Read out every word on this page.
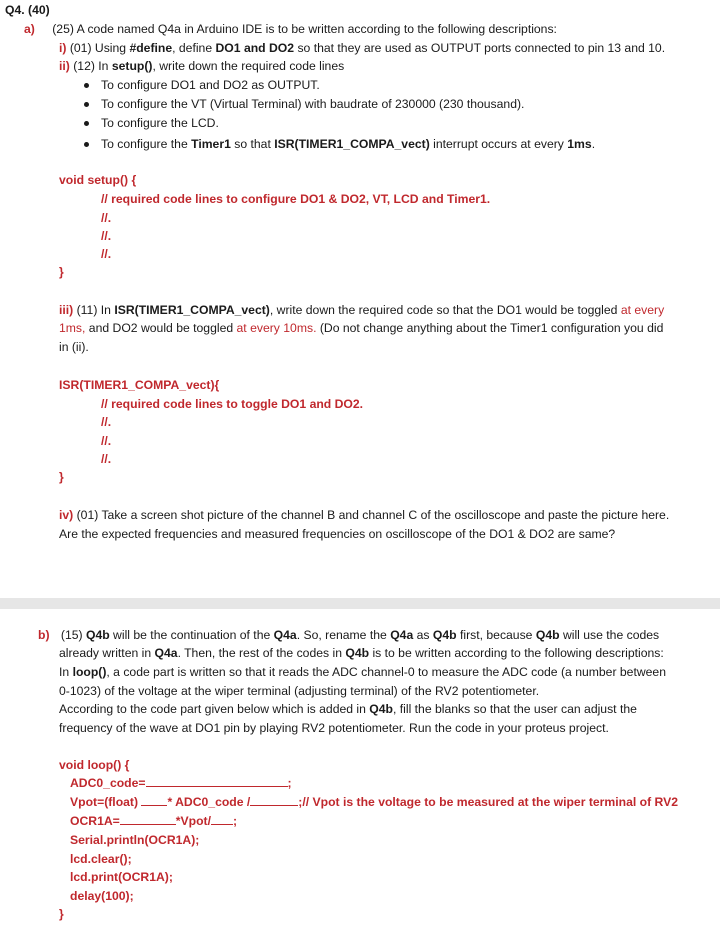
Q4. (40)
a) (25) A code named Q4a in Arduino IDE is to be written according to the following descriptions:
i) (01) Using #define, define DO1 and DO2 so that they are used as OUTPUT ports connected to pin 13 and 10.
ii) (12) In setup(), write down the required code lines
To configure DO1 and DO2 as OUTPUT.
To configure the VT (Virtual Terminal) with baudrate of 230000 (230 thousand).
To configure the LCD.
To configure the Timer1 so that ISR(TIMER1_COMPA_vect) interrupt occurs at every 1ms.
void setup() {
// required code lines to configure DO1 & DO2, VT, LCD and Timer1.
//.
//.
//.
}
iii) (11) In ISR(TIMER1_COMPA_vect), write down the required code so that the DO1 would be toggled at every
1ms, and DO2 would be toggled at every 10ms. (Do not change anything about the Timer1 configuration you did
in (ii).
ISR(TIMER1_COMPA_vect){
// required code lines to toggle DO1 and DO2.
//.
//.
//.
}
iv) (01) Take a screen shot picture of the channel B and channel C of the oscilloscope and paste the picture here.
Are the expected frequencies and measured frequencies on oscilloscope of the DO1 & DO2 are same?
b) (15) Q4b will be the continuation of the Q4a. So, rename the Q4a as Q4b first, because Q4b will use the codes
already written in Q4a. Then, the rest of the codes in Q4b is to be written according to the following descriptions:
In loop(), a code part is written so that it reads the ADC channel-0 to measure the ADC code (a number between
0-1023) of the voltage at the wiper terminal (adjusting terminal) of the RV2 potentiometer.
According to the code part given below which is added in Q4b, fill the blanks so that the user can adjust the
frequency of the wave at DO1 pin by playing RV2 potentiometer. Run the code in your proteus project.
void loop() {
ADC0_code=	;
Vpot=(float) * ADC0_code /	;// Vpot is the voltage to be measured at the wiper terminal of RV2
OCR1A=	*Vpot/ ;
Serial.println(OCR1A);
lcd.clear();
lcd.print(OCR1A);
delay(100);
}
